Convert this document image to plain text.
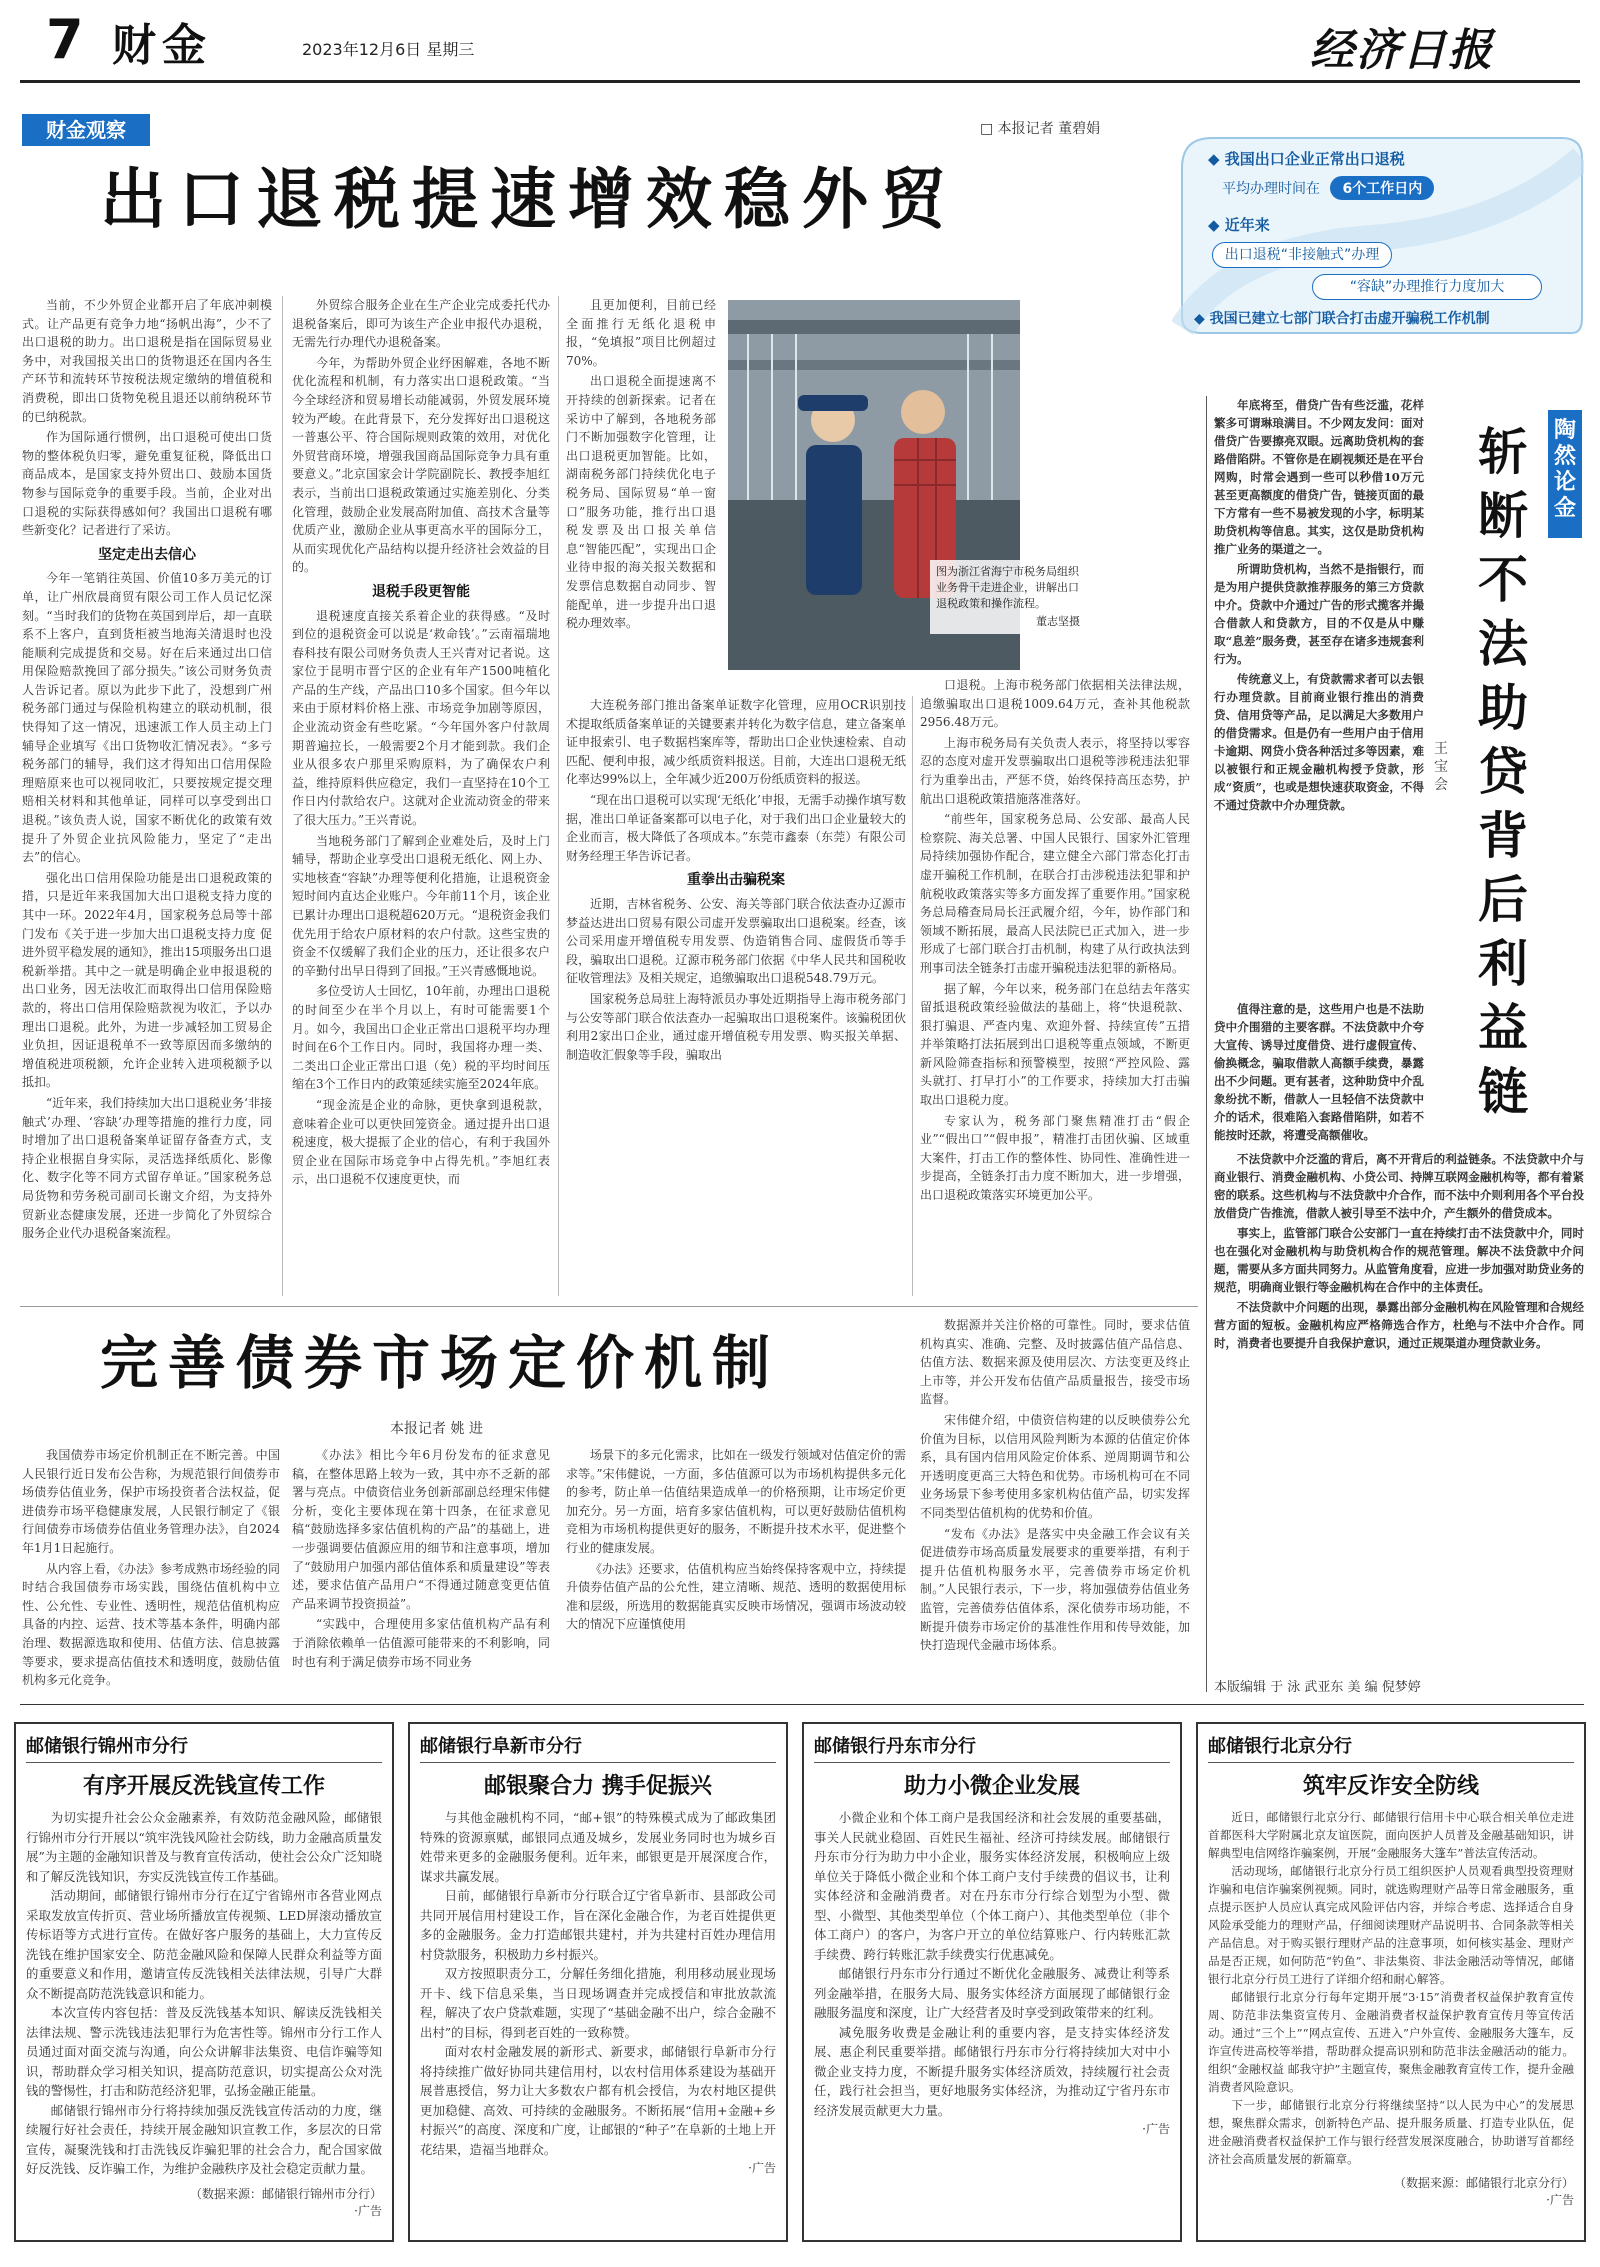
7 财金	2023年12月6日 星期三	经济日报
财金观察	□ 本报记者 董碧娟
出口退税提速增效稳外贸
◆ 我国出口企业正常出口退税
平均办理时间在 6个工作日内
◆ 近年来
出口退税“非接触式”办理
“容缺”办理推行力度加大
◆ 我国已建立七部门联合打击虚开骗税工作机制
图为浙江省海宁市税务局组织业务骨干走进企业，讲解出口退税政策和操作流程。
董志坚摄

当前，不少外贸企业都开启了年底冲刺模式。让产品更有竞争力地“扬帆出海”，少不了出口退税的助力。出口退税是指在国际贸易业务中，对我国报关出口的货物退还在国内各生产环节和流转环节按税法规定缴纳的增值税和消费税，即出口货物免税且退还以前纳税环节的已纳税款。

作为国际通行惯例，出口退税可使出口货物的整体税负归零，避免重复征税，降低出口商品成本，是国家支持外贸出口、鼓励本国货物参与国际竞争的重要手段。当前，企业对出口退税的实际获得感如何？我国出口退税有哪些新变化？记者进行了采访。

坚定走出去信心

今年一笔销往英国、价值10多万美元的订单，让广州欣晨商贸有限公司工作人员记忆深刻。“当时我们的货物在英国到岸后，却一直联系不上客户，直到货柜被当地海关清退时也没能顺利完成提货和交易。好在后来通过出口信用保险赔款挽回了部分损失。”该公司财务负责人告诉记者。原以为此步下此了，没想到广州税务部门通过与保险机构建立的联动机制，很快得知了这一情况，迅速派工作人员主动上门辅导企业填写《出口货物收汇情况表》。“多亏税务部门的辅导，我们这才得知出口信用保险理赔原来也可以视同收汇，只要按规定提交理赔相关材料和其他单证，同样可以享受到出口退税。”该负责人说，国家不断优化的政策有效提升了外贸企业抗风险能力，坚定了“走出去”的信心。

强化出口信用保险功能是出口退税政策的措，只是近年来我国加大出口退税支持力度的其中一环。2022年4月，国家税务总局等十部门发布《关于进一步加大出口退税支持力度 促进外贸平稳发展的通知》，推出15项服务出口退税新举措。其中之一就是明确企业申报退税的出口业务，因无法收汇而取得出口信用保险赔款的，将出口信用保险赔款视为收汇，予以办理出口退税。此外，为进一步减轻加工贸易企业负担，因证退税单不一致等原因而多缴纳的增值税进项税额，允许企业转入进项税额予以抵扣。

“近年来，我们持续加大出口退税业务‘非接触式’办理、‘容缺’办理等措施的推行力度，同时增加了出口退税备案单证留存备查方式，支持企业根据自身实际，灵活选择纸质化、影像化、数字化等不同方式留存单证。”国家税务总局货物和劳务税司副司长谢文介绍，为支持外贸新业态健康发展，还进一步简化了外贸综合服务企业代办退税备案流程。

外贸综合服务企业在生产企业完成委托代办退税备案后，即可为该生产企业申报代办退税，无需先行办理代办退税备案。

今年，为帮助外贸企业纾困解难，各地不断优化流程和机制，有力落实出口退税政策。“当今全球经济和贸易增长动能减弱，外贸发展环境较为严峻。在此背景下，充分发挥好出口退税这一普惠公平、符合国际规则政策的效用，对优化外贸营商环境，增强我国商品国际竞争力具有重要意义。”北京国家会计学院副院长、教授李旭红表示，当前出口退税政策通过实施差别化、分类化管理，鼓励企业发展高附加值、高技术含量等优质产业，激励企业从事更高水平的国际分工，从而实现优化产品结构以提升经济社会效益的目的。

退税手段更智能

退税速度直接关系着企业的获得感。“及时到位的退税资金可以说是‘救命钱’。”云南福瑞地春科技有限公司财务负责人王兴青对记者说。这家位于昆明市晋宁区的企业有年产1500吨植化产品的生产线，产品出口10多个国家。但今年以来由于原材料价格上涨、市场竞争加剧等原因，企业流动资金有些吃紧。“今年国外客户付款周期普遍拉长，一般需要2个月才能到款。我们企业从很多农户那里采购原料，为了确保农户利益，维持原料供应稳定，我们一直坚持在10个工作日内付款给农户。这就对企业流动资金的带来了很大压力。”王兴青说。

当地税务部门了解到企业难处后，及时上门辅导，帮助企业享受出口退税无纸化、网上办、实地核查“容缺”办理等便利化措施，让退税资金短时间内直达企业账户。今年前11个月，该企业已累计办理出口退税超620万元。“退税资金我们优先用于给农户原材料的农户付款。这些宝贵的资金不仅缓解了我们企业的压力，还让很多农户的辛勤付出早日得到了回报。”王兴青感慨地说。

多位受访人士回忆，10年前，办理出口退税的时间至少在半个月以上，有时可能需要1个月。如今，我国出口企业正常出口退税平均办理时间在6个工作日内。同时，我国将办理一类、二类出口企业正常出口退（免）税的平均时间压缩在3个工作日内的政策延续实施至2024年底。

“现金流是企业的命脉，更快拿到退税款，意味着企业可以更快回笼资金。通过提升出口退税速度，极大提振了企业的信心，有利于我国外贸企业在国际市场竞争中占得先机。”李旭红表示，出口退税不仅速度更快，而

且更加便利，目前已经全面推行无纸化退税申报，“免填报”项目比例超过70%。

出口退税全面提速离不开持续的创新探索。记者在采访中了解到，各地税务部门不断加强数字化管理，让出口退税更加智能。比如，湖南税务部门持续优化电子税务局、国际贸易“单一窗口”服务功能，推行出口退税发票及出口报关单信息“智能匹配”，实现出口企业待申报的海关报关数据和发票信息数据自动同步、智能配单，进一步提升出口退税办理效率。

大连税务部门推出备案单证数字化管理，应用OCR识别技术提取纸质备案单证的关键要素并转化为数字信息，建立备案单证申报索引、电子数据档案库等，帮助出口企业快速检索、自动匹配、便利申报，减少纸质资料报送。目前，大连出口退税无纸化率达99%以上，全年减少近200万份纸质资料的报送。

“现在出口退税可以实现‘无纸化’申报，无需手动操作填写数据，准出口单证备案都可以电子化，对于我们出口企业量较大的企业而言，极大降低了各项成本。”东莞市鑫泰（东莞）有限公司财务经理王华告诉记者。

重拳出击骗税案

近期，吉林省税务、公安、海关等部门联合依法查办辽源市梦益达进出口贸易有限公司虚开发票骗取出口退税案。经查，该公司采用虚开增值税专用发票、伪造销售合同、虚假货币等手段，骗取出口退税。辽源市税务部门依据《中华人民共和国税收征收管理法》及相关规定，追缴骗取出口退税548.79万元。

国家税务总局驻上海特派员办事处近期指导上海市税务部门与公安等部门联合依法查办一起骗取出口退税案件。该骗税团伙利用2家出口企业，通过虚开增值税专用发票、购买报关单据、制造收汇假象等手段，骗取出

口退税。上海市税务部门依据相关法律法规，追缴骗取出口退税1009.64万元，查补其他税款2956.48万元。

上海市税务局有关负责人表示，将坚持以零容忍的态度对虚开发票骗取出口退税等涉税违法犯罪行为重拳出击，严惩不贷，始终保持高压态势，护航出口退税政策措施落准落好。

“前些年，国家税务总局、公安部、最高人民检察院、海关总署、中国人民银行、国家外汇管理局持续加强协作配合，建立健全六部门常态化打击虚开骗税工作机制，在联合打击涉税违法犯罪和护航税收政策落实等多方面发挥了重要作用。”国家税务总局稽查局局长汪武履介绍，今年，协作部门和领域不断拓展，最高人民法院已正式加入，进一步形成了七部门联合打击机制，构建了从行政执法到刑事司法全链条打击虚开骗税违法犯罪的新格局。

据了解，今年以来，税务部门在总结去年落实留抵退税政策经验做法的基础上，将“快退税款、狠打骗退、严查内鬼、欢迎外督、持续宣传”五措并举策略打法拓展到出口退税等重点领域，不断更新风险筛查指标和预警模型，按照“严控风险、露头就打、打早打小”的工作要求，持续加大打击骗取出口退税力度。

专家认为，税务部门聚焦精准打击“假企业”“假出口”“假申报”，精准打击团伙骗、区域重大案件，打击工作的整体性、协同性、准确性进一步提高，全链条打击力度不断加大，进一步增强，出口退税政策落实环境更加公平。

完善债券市场定价机制
本报记者 姚 进

我国债券市场定价机制正在不断完善。中国人民银行近日发布公告称，为规范银行间债券市场债券估值业务，保护市场投资者合法权益，促进债券市场平稳健康发展，人民银行制定了《银行间债券市场债券估值业务管理办法》，自2024年1月1日起施行。

从内容上看，《办法》参考成熟市场经验的同时结合我国债券市场实践，围绕估值机构中立性、公允性、专业性、透明性，规范估值机构应具备的内控、运营、技术等基本条件，明确内部治理、数据源选取和使用、估值方法、信息披露等要求，要求提高估值技术和透明度，鼓励估值机构多元化竞争。

《办法》相比今年6月份发布的征求意见稿，在整体思路上较为一致，其中亦不乏新的部署与亮点。中债资信业务创新部副总经理宋伟健分析，变化主要体现在第十四条，在征求意见稿“鼓励选择多家估值机构的产品”的基础上，进一步强调要估值源应用的细节和注意事项，增加了“鼓励用户加强内部估值体系和质量建设”等表述，要求估值产品用户“不得通过随意变更估值产品来调节投资损益”。

“实践中，合理使用多家估值机构产品有利于消除依赖单一估值源可能带来的不利影响，同时也有利于满足债券市场不同业务

场景下的多元化需求，比如在一级发行领域对估值定价的需求等。”宋伟健说，一方面，多估值源可以为市场机构提供多元化的参考，防止单一估值结果造成单一的价格预期，让市场定价更加充分。另一方面，培育多家估值机构，可以更好鼓励估值机构竞相为市场机构提供更好的服务，不断提升技术水平，促进整个行业的健康发展。

《办法》还要求，估值机构应当始终保持客观中立，持续提升债券估值产品的公允性，建立清晰、规范、透明的数据使用标准和层级，所选用的数据能真实反映市场情况，强调市场波动较大的情况下应谨慎使用

数据源并关注价格的可靠性。同时，要求估值机构真实、准确、完整、及时披露估值产品信息、估值方法、数据来源及使用层次、方法变更及终止上市等，并公开发布估值产品质量报告，接受市场监督。

宋伟健介绍，中债资信构建的以反映债券公允价值为目标，以信用风险判断为本源的估值定价体系，具有国内信用风险定价体系、逆周期调节和公开透明度更高三大特色和优势。市场机构可在不同业务场景下参考使用多家机构估值产品，切实发挥不同类型估值机构的优势和价值。

“发布《办法》是落实中央金融工作会议有关促进债券市场高质量发展要求的重要举措，有利于提升估值机构服务水平，完善债券市场定价机制。”人民银行表示，下一步，将加强债券估值业务监管，完善债券估值体系，深化债券市场功能，不断提升债券市场定价的基准性作用和传导效能，加快打造现代金融市场体系。

陶然论金
斩断不法助贷背后利益链
王宝会

年底将至，借贷广告有些泛滥，花样繁多可谓琳琅满目。不少网友发问：面对借贷广告要擦亮双眼。远离助贷机构的套路借陷阱。不管你是在刷视频还是在平台网购，时常会遇到一些可以秒借10万元甚至更高额度的借贷广告，链接页面的最下方常有一些不易被发现的小字，标明某助贷机构等信息。其实，这仅是助贷机构推广业务的渠道之一。

所谓助贷机构，当然不是指银行，而是为用户提供贷款推荐服务的第三方贷款中介。贷款中介通过广告的形式揽客并撮合借款人和贷款方，目的不仅是从中赚取“息差”服务费，甚至存在诸多违规套利行为。

传统意义上，有贷款需求者可以去银行办理贷款。目前商业银行推出的消费贷、信用贷等产品，足以满足大多数用户的借贷需求。但是仍有一些用户由于信用卡逾期、网贷小贷各种活过多等因素，难以被银行和正规金融机构授予贷款，形成“资质”，也或是想快速获取资金，不得不通过贷款中介办理贷款。

值得注意的是，这些用户也是不法助贷中介围猎的主要客群。不法贷款中介夸大宣传、诱导过度借贷、进行虚假宣传、偷换概念，骗取借款人高额手续费，暴露出不少问题。更有甚者，这种助贷中介乱象纷扰不断，借款人一旦轻信不法贷款中介的话术，很难陷入套路借陷阱，如若不能按时还款，将遭受高额催收。

不法贷款中介泛滥的背后，离不开背后的利益链条。不法贷款中介与商业银行、消费金融机构、小贷公司、持牌互联网金融机构等，都有着紧密的联系。这些机构与不法贷款中介合作，而不法中介则利用各个平台投放借贷广告推流，借款人被引导至不法中介，产生额外的借贷成本。

事实上，监管部门联合公安部门一直在持续打击不法贷款中介，同时也在强化对金融机构与助贷机构合作的规范管理。解决不法贷款中介问题，需要从多方面共同努力。从监管角度看，应进一步加强对助贷业务的规范，明确商业银行等金融机构在合作中的主体责任。

不法贷款中介问题的出现，暴露出部分金融机构在风险管理和合规经营方面的短板。金融机构应严格筛选合作方，杜绝与不法中介合作。同时，消费者也要提升自我保护意识，通过正规渠道办理贷款业务。

本版编辑 于 泳 武亚东 美 编 倪梦婷
邮储银行锦州市分行
有序开展反洗钱宣传工作

为切实提升社会公众金融素养，有效防范金融风险，邮储银行锦州市分行开展以“筑牢洗钱风险社会防线，助力金融高质量发展”为主题的金融知识普及与教育宣传活动，使社会公众广泛知晓和了解反洗钱知识，夯实反洗钱宣传工作基础。

活动期间，邮储银行锦州市分行在辽宁省锦州市各营业网点采取发放宣传折页、营业场所播放宣传视频、LED屏滚动播放宣传标语等方式进行宣传。在做好客户服务的基础上，大力宣传反洗钱在维护国家安全、防范金融风险和保障人民群众利益等方面的重要意义和作用，邀请宣传反洗钱相关法律法规，引导广大群众不断提高防范洗钱意识和能力。

本次宣传内容包括：普及反洗钱基本知识、解读反洗钱相关法律法规、警示洗钱违法犯罪行为危害性等。锦州市分行工作人员通过面对面交流与沟通，向公众讲解非法集资、电信诈骗等知识，帮助群众学习相关知识，提高防范意识，切实提高公众对洗钱的警惕性，打击和防范经济犯罪，弘扬金融正能量。

邮储银行锦州市分行将持续加强反洗钱宣传活动的力度，继续履行好社会责任，持续开展金融知识宣教工作，多层次的日常宣传，凝聚洗钱和打击洗钱反诈骗犯罪的社会合力，配合国家做好反洗钱、反诈骗工作，为维护金融秩序及社会稳定贡献力量。

（数据来源：邮储银行锦州市分行）
·广告
邮储银行阜新市分行
邮银聚合力 携手促振兴

与其他金融机构不同，“邮+银”的特殊模式成为了邮政集团特殊的资源禀赋，邮银同点通及城乡，发展业务同时也为城乡百姓带来更多的金融服务便利。近年来，邮银更是开展深度合作，谋求共赢发展。

日前，邮储银行阜新市分行联合辽宁省阜新市、县部政公司共同开展信用村建设工作，旨在深化金融合作，为老百姓提供更多的金融服务。金力打造邮银共建村，并为共建村百姓办理信用村贷款服务，积极助力乡村振兴。

双方按照职责分工，分解任务细化措施，利用移动展业现场开卡、线下信息采集，当日现场调查并完成授信和审批放款流程，解决了农户贷款难题，实现了“基础金融不出户，综合金融不出村”的目标，得到老百姓的一致称赞。

面对农村金融发展的新形式、新要求，邮储银行阜新市分行将持续推广做好协同共建信用村，以农村信用体系建设为基础开展普惠授信，努力让大多数农户都有机会授信，为农村地区提供更加稳健、高效、可持续的金融服务。不断拓展“信用+金融+乡村振兴”的高度、深度和广度，让邮银的“种子”在阜新的土地上开花结果，造福当地群众。

·广告
邮储银行丹东市分行
助力小微企业发展

小微企业和个体工商户是我国经济和社会发展的重要基础，事关人民就业稳固、百姓民生福祉、经济可持续发展。邮储银行丹东市分行为助力中小企业，服务实体经济发展，积极响应上级单位关于降低小微企业和个体工商户支付手续费的倡议书，让利实体经济和金融消费者。对在丹东市分行综合划型为小型、微型、小微型、其他类型单位（个体工商户）、其他类型单位（非个体工商户）的客户，为客户开立的单位结算账户、行内转账汇款手续费、跨行转账汇款手续费实行优惠减免。

邮储银行丹东市分行通过不断优化金融服务、减费让利等系列金融举措，在服务大局、服务实体经济方面展现了邮储银行金融服务温度和深度，让广大经营者及时享受到政策带来的红利。

减免服务收费是金融让利的重要内容，是支持实体经济发展、惠企利民重要举措。邮储银行丹东市分行将持续加大对中小微企业支持力度，不断提升服务实体经济质效，持续履行社会责任，践行社会担当，更好地服务实体经济，为推动辽宁省丹东市经济发展贡献更大力量。

·广告
邮储银行北京分行
筑牢反诈安全防线

近日，邮储银行北京分行、邮储银行信用卡中心联合相关单位走进首都医科大学附属北京友谊医院，面向医护人员普及金融基础知识，讲解典型电信网络诈骗案例，开展“金融服务大篷车”普法宣传活动。

活动现场，邮储银行北京分行员工组织医护人员观看典型投资理财诈骗和电信诈骗案例视频。同时，就选购理财产品等日常金融服务，重点提示医护人员应认真完成风险评估内容，并综合考虑、选择适合自身风险承受能力的理财产品，仔细阅读理财产品说明书、合同条款等相关产品信息。对于购买银行理财产品的注意事项，如何核实基金、理财产品是否正规，如何防范“钓鱼”、非法集资、非法金融活动等情况，邮储银行北京分行员工进行了详细介绍和耐心解答。

邮储银行北京分行每年定期开展“3·15”消费者权益保护教育宣传周、防范非法集资宣传月、金融消费者权益保护教育宣传月等宣传活动。通过“三个上”“网点宣传、五进入”户外宣传、金融服务大篷车，反诈宣传进高校等举措，帮助群众提高识别和防范非法金融活动的能力。组织“金融权益 邮我守护”主题宣传，聚焦金融教育宣传工作，提升金融消费者风险意识。

下一步，邮储银行北京分行将继续坚持“以人民为中心”的发展思想，聚焦群众需求，创新特色产品、提升服务质量、打造专业队伍，促进金融消费者权益保护工作与银行经营发展深度融合，协助谱写首都经济社会高质量发展的新篇章。

（数据来源：邮储银行北京分行）
·广告
